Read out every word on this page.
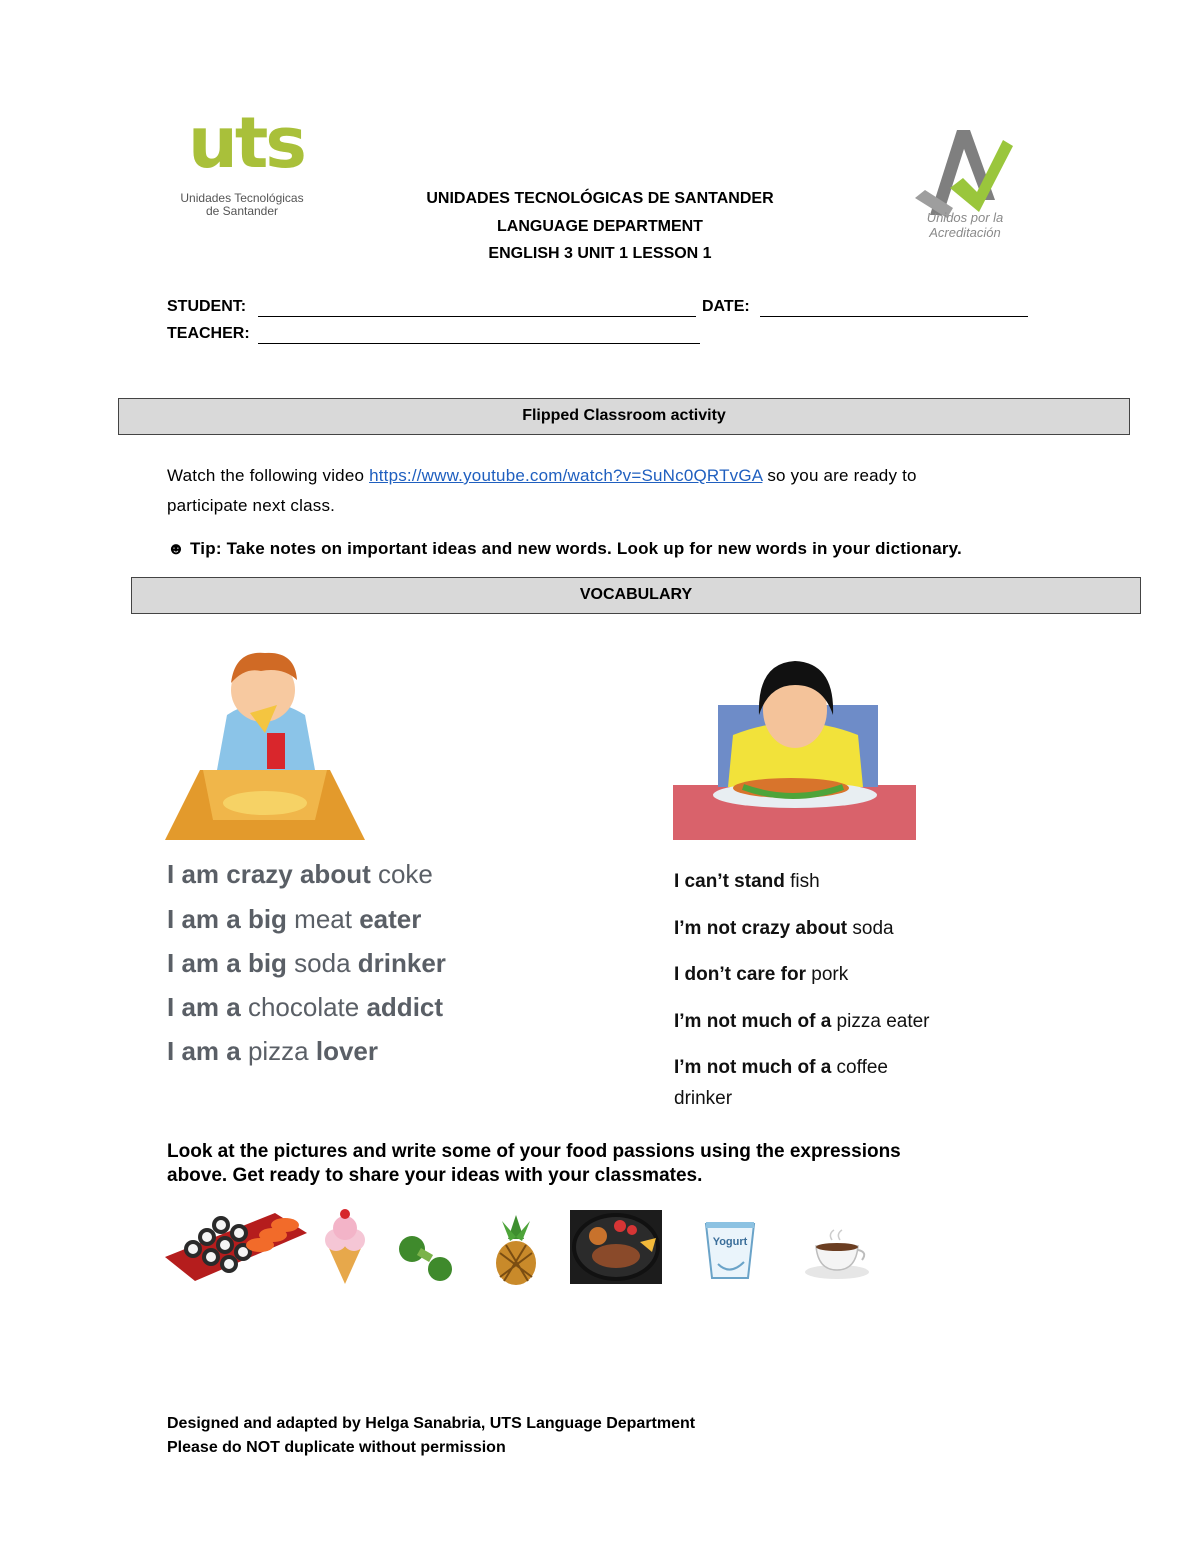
uts
Unidades Tecnológicas
de Santander	Unidos por la Acreditación
UNIDADES TECNOLÓGICAS DE SANTANDER
LANGUAGE DEPARTMENT
ENGLISH 3 UNIT 1 LESSON 1
STUDENT:	DATE:
TEACHER:
Flipped Classroom activity
Watch the following video https://www.youtube.com/watch?v=SuNc0QRTvGA so you are ready to
participate next class.
☻ Tip: Take notes on important ideas and new words. Look up for new words in your dictionary.
VOCABULARY
I am crazy about coke
I am a big meat eater
I am a big soda drinker
I am a chocolate addict
I am a pizza lover
I can’t stand fish
I’m not crazy about soda
I don’t care for pork
I’m not much of a pizza eater
I’m not much of a coffee
drinker
Look at the pictures and write some of your food passions using the expressions
above. Get ready to share your ideas with your classmates.
Yogurt
Designed and adapted by Helga Sanabria, UTS Language Department
Please do NOT duplicate without permission
